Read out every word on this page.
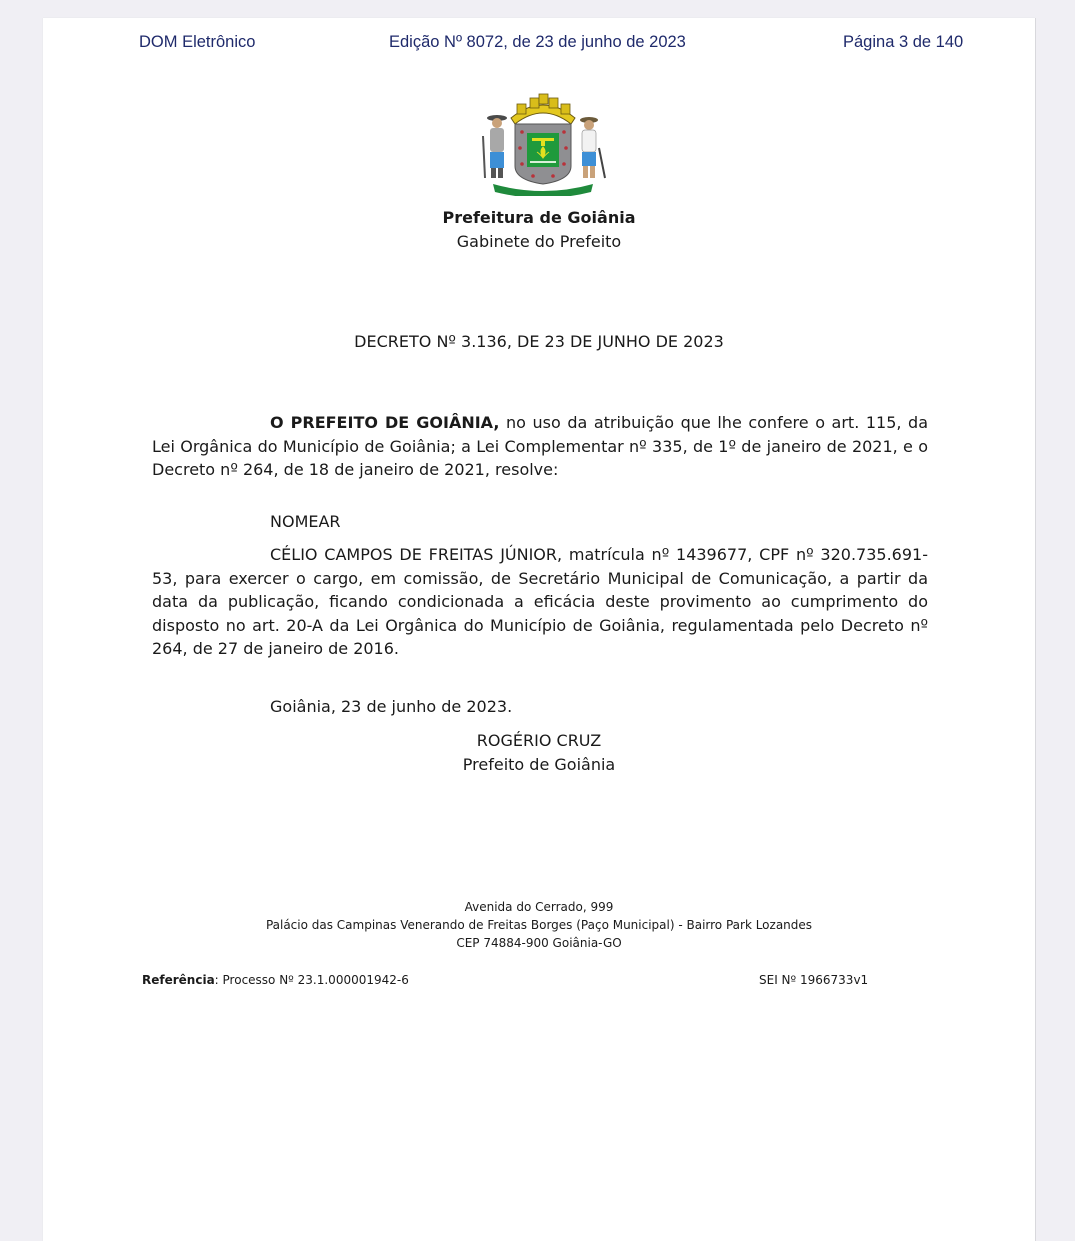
DOM Eletrônico	Edição Nº 8072, de 23 de junho de 2023	Página 3 de 140
Prefeitura de Goiânia
Gabinete do Prefeito
DECRETO Nº 3.136, DE 23 DE JUNHO DE 2023
O PREFEITO DE GOIÂNIA, no uso da atribuição que lhe confere o art. 115, da Lei Orgânica do Município de Goiânia; a Lei Complementar nº 335, de 1º de janeiro de 2021, e o Decreto nº 264, de 18 de janeiro de 2021, resolve:
NOMEAR
CÉLIO CAMPOS DE FREITAS JÚNIOR, matrícula nº 1439677, CPF nº 320.735.691-53, para exercer o cargo, em comissão, de Secretário Municipal de Comunicação, a partir da data da publicação, ficando condicionada a eficácia deste provimento ao cumprimento do disposto no art. 20-A da Lei Orgânica do Município de Goiânia, regulamentada pelo Decreto nº 264, de 27 de janeiro de 2016.
Goiânia, 23 de junho de 2023.
ROGÉRIO CRUZ
Prefeito de Goiânia
Avenida do Cerrado, 999
Palácio das Campinas Venerando de Freitas Borges (Paço Municipal) - Bairro Park Lozandes
CEP 74884-900 Goiânia-GO
Referência: Processo Nº 23.1.000001942-6	SEI Nº 1966733v1
